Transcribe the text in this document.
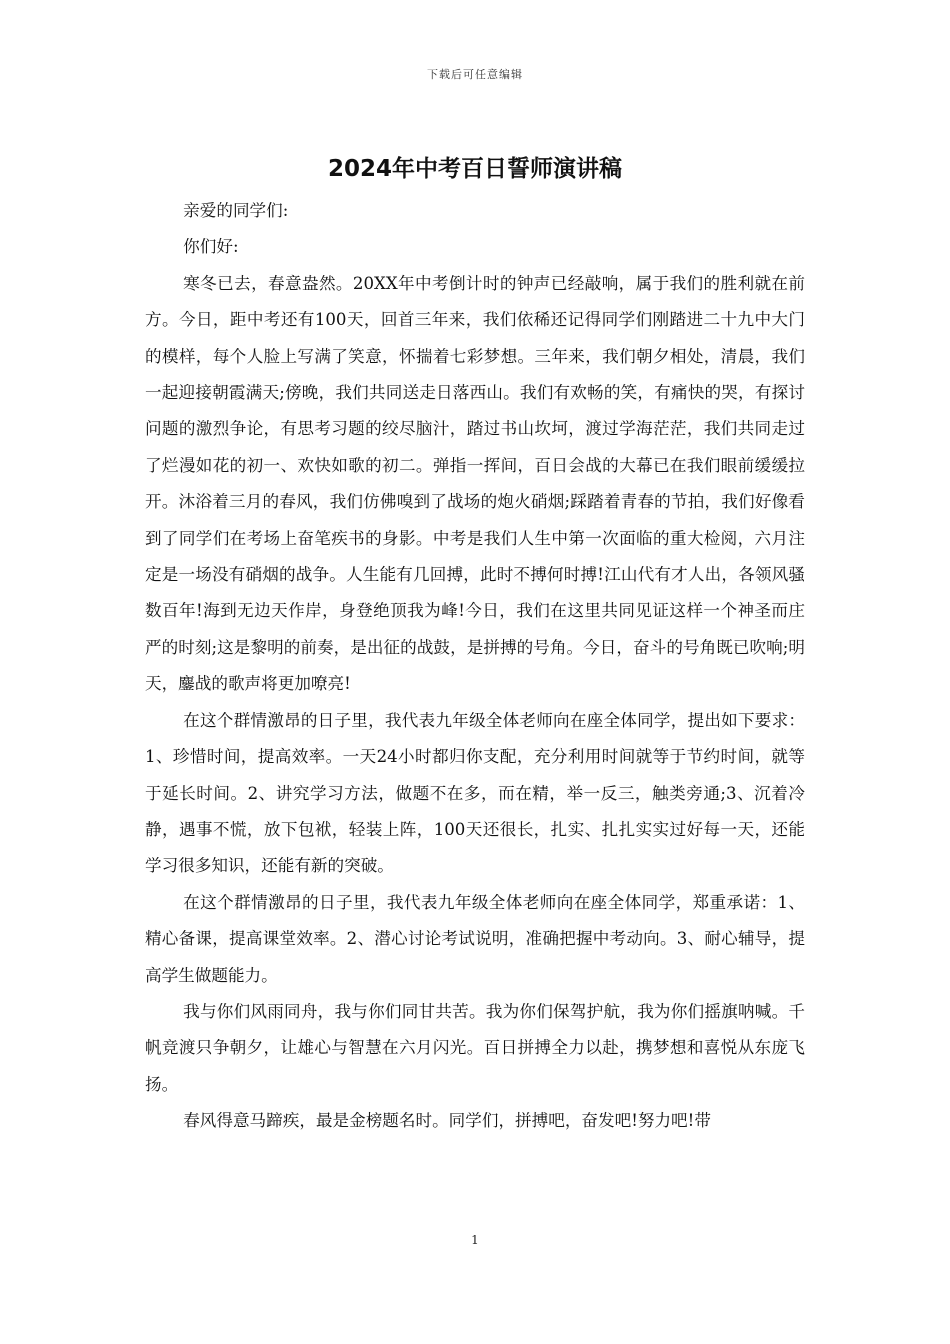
下载后可任意编辑
2024年中考百日誓师演讲稿

亲爱的同学们:

你们好:

寒冬已去，春意盎然。20XX年中考倒计时的钟声已经敲响，属于我们的胜利就在前方。今日，距中考还有100天，回首三年来，我们依稀还记得同学们刚踏进二十九中大门的模样，每个人脸上写满了笑意，怀揣着七彩梦想。三年来，我们朝夕相处，清晨，我们一起迎接朝霞满天;傍晚，我们共同送走日落西山。我们有欢畅的笑，有痛快的哭，有探讨问题的激烈争论，有思考习题的绞尽脑汁，踏过书山坎坷，渡过学海茫茫，我们共同走过了烂漫如花的初一、欢快如歌的初二。弹指一挥间，百日会战的大幕已在我们眼前缓缓拉开。沐浴着三月的春风，我们仿佛嗅到了战场的炮火硝烟;踩踏着青春的节拍，我们好像看到了同学们在考场上奋笔疾书的身影。中考是我们人生中第一次面临的重大检阅，六月注定是一场没有硝烟的战争。人生能有几回搏，此时不搏何时搏!江山代有才人出，各领风骚数百年!海到无边天作岸，身登绝顶我为峰!今日，我们在这里共同见证这样一个神圣而庄严的时刻;这是黎明的前奏，是出征的战鼓，是拼搏的号角。今日，奋斗的号角既已吹响;明天，鏖战的歌声将更加嘹亮!

在这个群情激昂的日子里，我代表九年级全体老师向在座全体同学，提出如下要求：1、珍惜时间，提高效率。一天24小时都归你支配，充分利用时间就等于节约时间，就等于延长时间。2、讲究学习方法，做题不在多，而在精，举一反三，触类旁通;3、沉着冷静，遇事不慌，放下包袱，轻装上阵，100天还很长，扎实、扎扎实实过好每一天，还能学习很多知识，还能有新的突破。

在这个群情激昂的日子里，我代表九年级全体老师向在座全体同学，郑重承诺：1、精心备课，提高课堂效率。2、潜心讨论考试说明，准确把握中考动向。3、耐心辅导，提高学生做题能力。

我与你们风雨同舟，我与你们同甘共苦。我为你们保驾护航，我为你们摇旗呐喊。千帆竞渡只争朝夕，让雄心与智慧在六月闪光。百日拼搏全力以赴，携梦想和喜悦从东庞飞扬。

春风得意马蹄疾，最是金榜题名时。同学们，拼搏吧，奋发吧!努力吧!带

1
